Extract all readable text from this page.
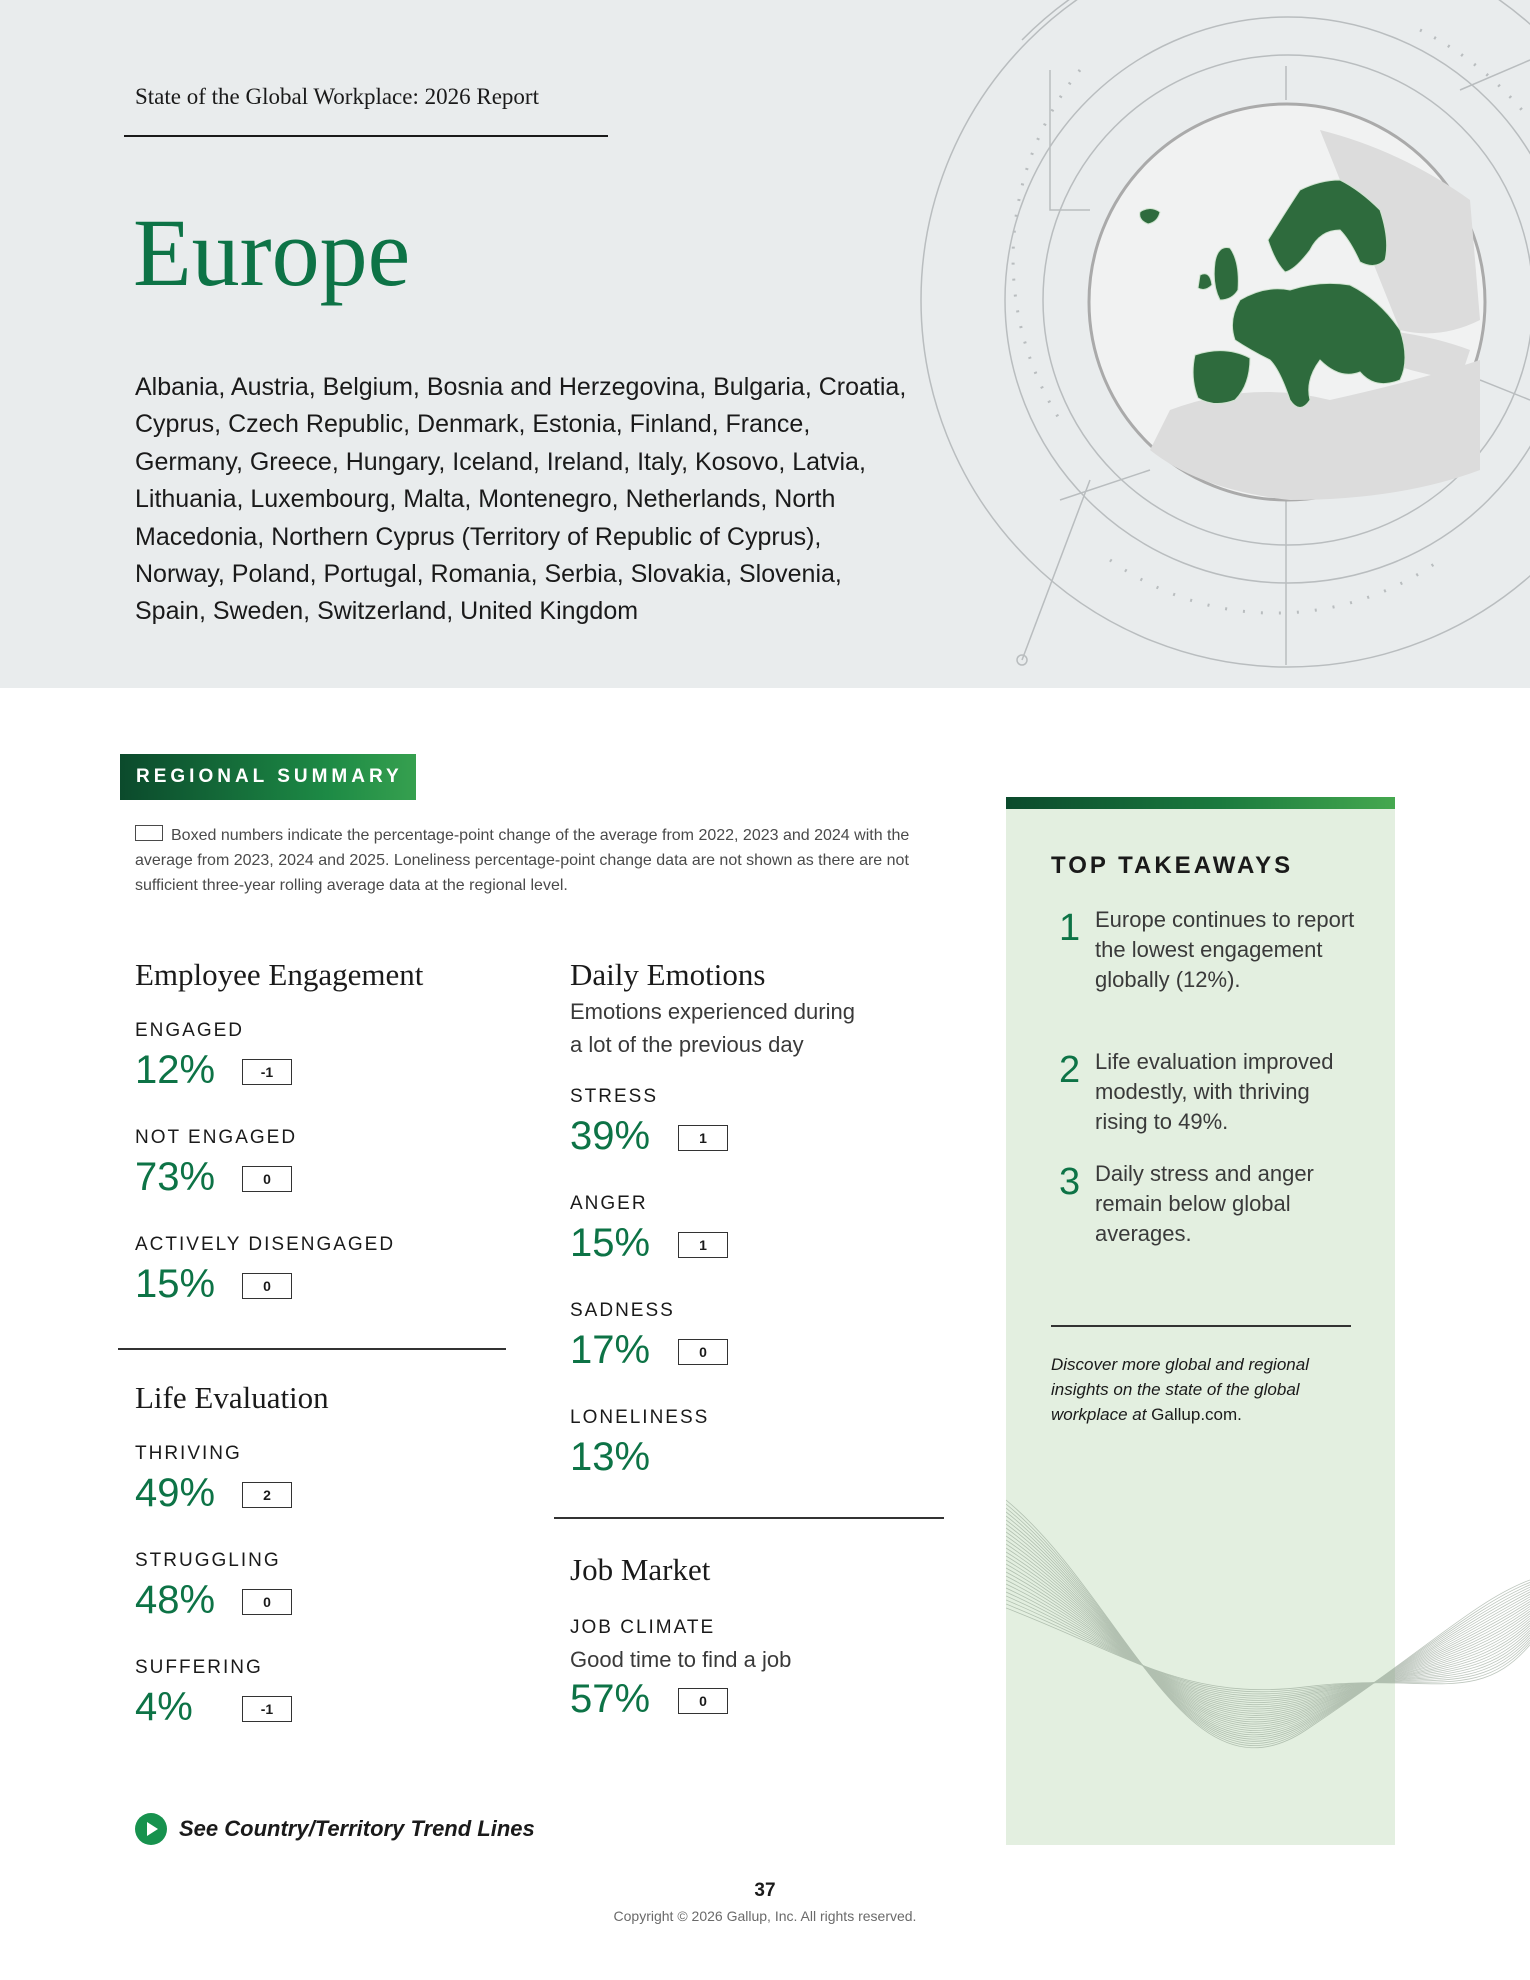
State of the Global Workplace: 2026 Report
Europe
Albania, Austria, Belgium, Bosnia and Herzegovina, Bulgaria, Croatia, Cyprus, Czech Republic, Denmark, Estonia, Finland, France, Germany, Greece, Hungary, Iceland, Ireland, Italy, Kosovo, Latvia, Lithuania, Luxembourg, Malta, Montenegro, Netherlands, North Macedonia, Northern Cyprus (Territory of Republic of Cyprus), Norway, Poland, Portugal, Romania, Serbia, Slovakia, Slovenia, Spain, Sweden, Switzerland, United Kingdom
REGIONAL SUMMARY
Boxed numbers indicate the percentage-point change of the average from 2022, 2023 and 2024 with the average from 2023, 2024 and 2025. Loneliness percentage-point change data are not shown as there are not sufficient three-year rolling average data at the regional level.
Employee Engagement
ENGAGED
12%	-1
NOT ENGAGED
73%	0
ACTIVELY DISENGAGED
15%	0
Life Evaluation
THRIVING
49%	2
STRUGGLING
48%	0
SUFFERING
4%	-1
Daily Emotions
Emotions experienced during
a lot of the previous day
STRESS
39%	1
ANGER
15%	1
SADNESS
17%	0
LONELINESS
13%
Job Market
JOB CLIMATE
Good time to find a job
57%	0
TOP TAKEAWAYS
1 Europe continues to report the lowest engagement globally (12%).
2 Life evaluation improved modestly, with thriving rising to 49%.
3 Daily stress and anger remain below global averages.
Discover more global and regional insights on the state of the global workplace at Gallup.com.
See Country/Territory Trend Lines
37
Copyright © 2026 Gallup, Inc. All rights reserved.
